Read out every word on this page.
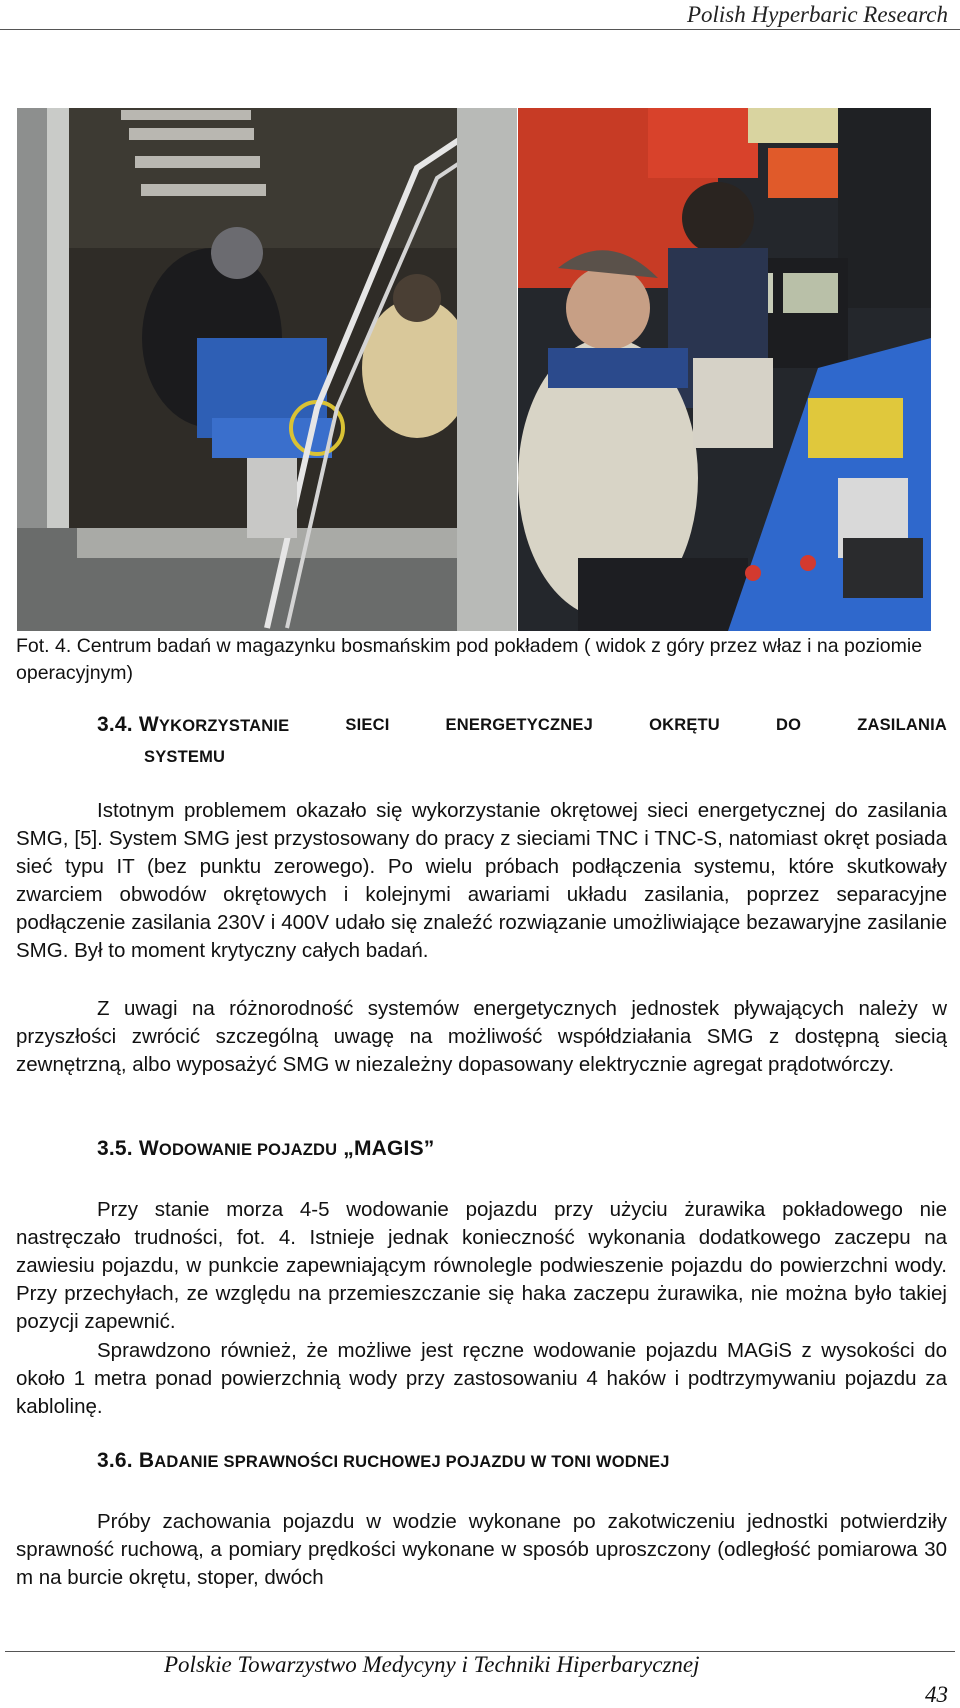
Polish Hyperbaric Research
Fot. 4. Centrum badań w magazynku bosmańskim pod pokładem ( widok z góry przez właz i na poziomie operacyjnym)
3.4. WYKORZYSTANIE	SIECI	ENERGETYCZNEJ	OKRĘTU	DO	ZASILANIA
SYSTEMU

Istotnym problemem okazało się wykorzystanie okrętowej sieci energetycznej do zasilania SMG, [5]. System SMG jest przystosowany do pracy z sieciami TNC i TNC-S, natomiast okręt posiada sieć typu IT (bez punktu zerowego). Po wielu próbach podłączenia systemu, które skutkowały zwarciem obwodów okrętowych i kolejnymi awariami układu zasilania, poprzez separacyjne podłączenie zasilania 230V i 400V udało się znaleźć rozwiązanie umożliwiające bezawaryjne zasilanie SMG. Był to moment krytyczny całych badań.

Z uwagi na różnorodność systemów energetycznych jednostek pływających należy w przyszłości zwrócić szczególną uwagę na możliwość współdziałania SMG z dostępną siecią zewnętrzną, albo wyposażyć SMG w niezależny dopasowany elektrycznie agregat prądotwórczy.

3.5. WODOWANIE POJAZDU „MAGIS”

Przy stanie morza 4-5 wodowanie pojazdu przy użyciu żurawika pokładowego nie nastręczało trudności, fot. 4. Istnieje jednak konieczność wykonania dodatkowego zaczepu na zawiesiu pojazdu, w punkcie zapewniającym równolegle podwieszenie pojazdu do powierzchni wody. Przy przechyłach, ze względu na przemieszczanie się haka zaczepu żurawika, nie można było takiej pozycji zapewnić.

Sprawdzono również, że możliwe jest ręczne wodowanie pojazdu MAGiS z wysokości do około 1 metra ponad powierzchnią wody przy zastosowaniu 4 haków i podtrzymywaniu pojazdu za kablolinę.

3.6. BADANIE SPRAWNOŚCI RUCHOWEJ POJAZDU W TONI WODNEJ

Próby zachowania pojazdu w wodzie wykonane po zakotwiczeniu jednostki potwierdziły sprawność ruchową, a pomiary prędkości wykonane w sposób uproszczony (odległość pomiarowa 30 m na burcie okrętu, stoper, dwóch

Polskie Towarzystwo Medycyny i Techniki Hiperbarycznej
43
